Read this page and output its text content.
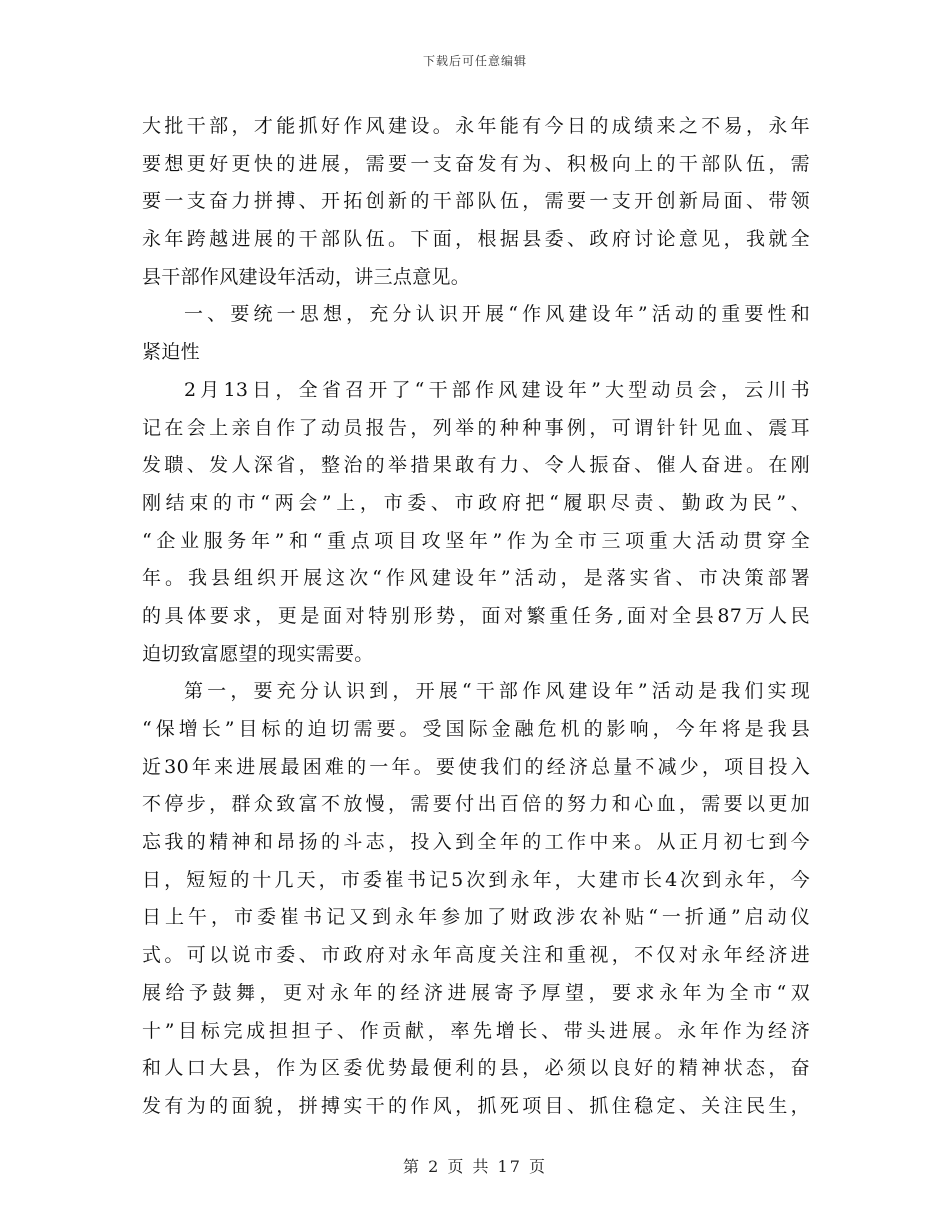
下载后可任意编辑
大批干部，才能抓好作风建设。永年能有今日的成绩来之不易，永年
要想更好更快的进展，需要一支奋发有为、积极向上的干部队伍，需
要一支奋力拼搏、开拓创新的干部队伍，需要一支开创新局面、带领
永年跨越进展的干部队伍。下面，根据县委、政府讨论意见，我就全
县干部作风建设年活动，讲三点意见。
一、要统一思想，充分认识开展“作风建设年”活动的重要性和
紧迫性
2月13日，全省召开了“干部作风建设年”大型动员会，云川书
记在会上亲自作了动员报告，列举的种种事例，可谓针针见血、震耳
发聩、发人深省，整治的举措果敢有力、令人振奋、催人奋进。在刚
刚结束的市“两会”上，市委、市政府把“履职尽责、勤政为民”、
“企业服务年”和“重点项目攻坚年”作为全市三项重大活动贯穿全
年。我县组织开展这次“作风建设年”活动，是落实省、市决策部署
的具体要求，更是面对特别形势，面对繁重任务,面对全县87万人民
迫切致富愿望的现实需要。
第一，要充分认识到，开展“干部作风建设年”活动是我们实现
“保增长”目标的迫切需要。受国际金融危机的影响，今年将是我县
近30年来进展最困难的一年。要使我们的经济总量不减少，项目投入
不停步，群众致富不放慢，需要付出百倍的努力和心血，需要以更加
忘我的精神和昂扬的斗志，投入到全年的工作中来。从正月初七到今
日，短短的十几天，市委崔书记5次到永年，大建市长4次到永年，今
日上午，市委崔书记又到永年参加了财政涉农补贴“一折通”启动仪
式。可以说市委、市政府对永年高度关注和重视，不仅对永年经济进
展给予鼓舞，更对永年的经济进展寄予厚望，要求永年为全市“双
十”目标完成担担子、作贡献，率先增长、带头进展。永年作为经济
和人口大县，作为区委优势最便利的县，必须以良好的精神状态，奋
发有为的面貌，拼搏实干的作风，抓死项目、抓住稳定、关注民生，
第 2 页 共 17 页
